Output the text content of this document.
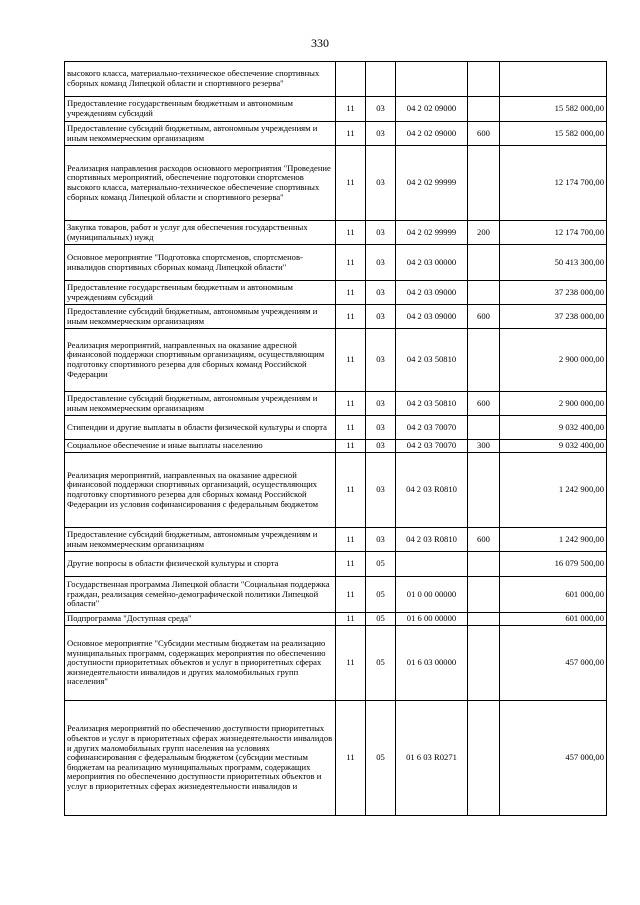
330
высокого класса, материально-техническое обеспечение спортивных сборных команд Липецкой области и спортивного резерва"					
Предоставление государственным бюджетным и автономным учреждениям субсидий	11	03	04 2 02 09000		15 582 000,00
Предоставление субсидий бюджетным, автономным учреждениям и иным некоммерческим организациям	11	03	04 2 02 09000	600	15 582 000,00
Реализация направления расходов основного мероприятия "Проведение спортивных мероприятий, обеспечение подготовки спортсменов высокого класса, материально-техническое обеспечение спортивных сборных команд Липецкой области и спортивного резерва"	11	03	04 2 02 99999		12 174 700,00
Закупка товаров, работ и услуг для обеспечения государственных (муниципальных) нужд	11	03	04 2 02 99999	200	12 174 700,00
Основное мероприятие "Подготовка спортсменов, спортсменов-инвалидов спортивных сборных команд Липецкой области"	11	03	04 2 03 00000		50 413 300,00
Предоставление государственным бюджетным и автономным учреждениям субсидий	11	03	04 2 03 09000		37 238 000,00
Предоставление субсидий бюджетным, автономным учреждениям и иным некоммерческим организациям	11	03	04 2 03 09000	600	37 238 000,00
Реализация мероприятий, направленных на оказание адресной финансовой поддержки спортивным организациям, осуществляющим подготовку спортивного резерва для сборных команд Российской Федерации	11	03	04 2 03 50810		2 900 000,00
Предоставление субсидий бюджетным, автономным учреждениям и иным некоммерческим организациям	11	03	04 2 03 50810	600	2 900 000,00
Стипендии и другие выплаты в области физической культуры и спорта	11	03	04 2 03 70070		9 032 400,00
Социальное обеспечение и иные выплаты населению	11	03	04 2 03 70070	300	9 032 400,00
Реализация мероприятий, направленных на оказание адресной финансовой поддержки спортивных организаций, осуществляющих подготовку спортивного резерва для сборных команд Российской Федерации из условия софинансирования с федеральным бюджетом	11	03	04 2 03 R0810		1 242 900,00
Предоставление субсидий бюджетным, автономным учреждениям и иным некоммерческим организациям	11	03	04 2 03 R0810	600	1 242 900,00
Другие вопросы в области физической культуры и спорта	11	05			16 079 500,00
Государственная программа Липецкой области "Социальная поддержка граждан, реализация семейно-демографической политики Липецкой области"	11	05	01 0 00 00000		601 000,00
Подпрограмма "Доступная среда"	11	05	01 6 00 00000		601 000,00
Основное мероприятие "Субсидии местным бюджетам на реализацию муниципальных программ, содержащих мероприятия по обеспечению доступности приоритетных объектов и услуг в приоритетных сферах жизнедеятельности инвалидов и других маломобильных групп населения"	11	05	01 6 03 00000		457 000,00
Реализация мероприятий по обеспечению доступности приоритетных объектов и услуг в приоритетных сферах жизнедеятельности инвалидов и других маломобильных групп населения на условиях софинансирования с федеральным бюджетом (субсидии местным бюджетам на реализацию муниципальных программ, содержащих мероприятия по обеспечению доступности приоритетных объектов и услуг в приоритетных сферах жизнедеятельности инвалидов и	11	05	01 6 03 R0271		457 000,00
